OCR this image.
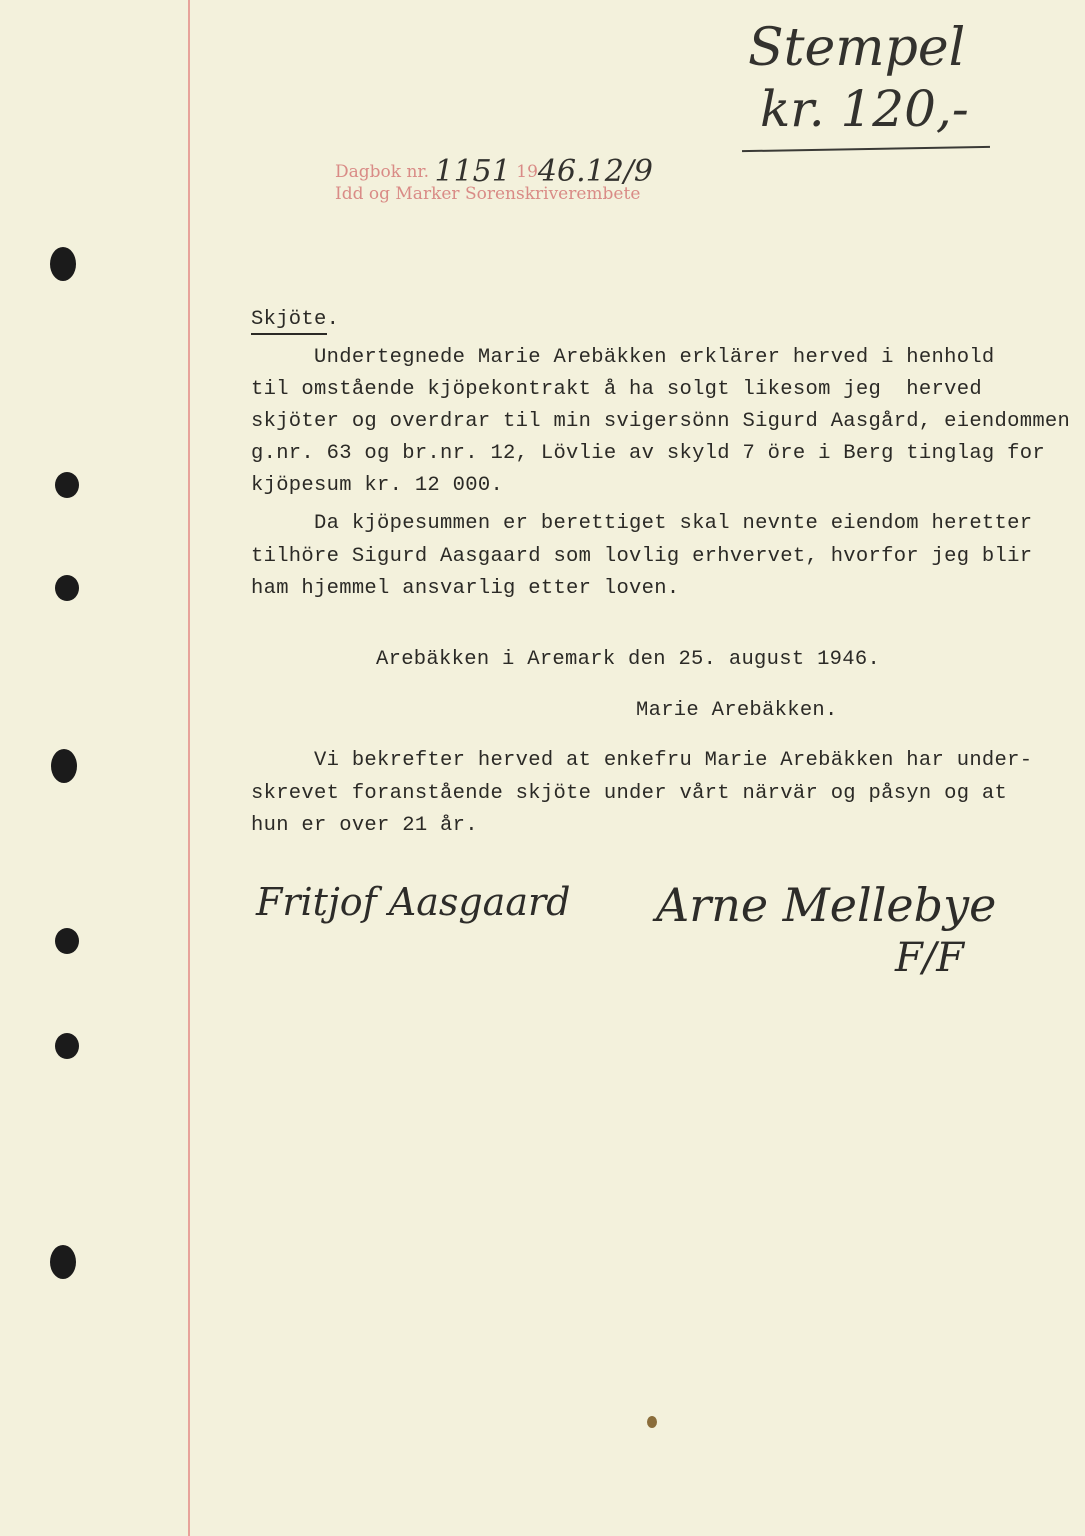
Stempel
kr. 120,-
Dagbok nr. 1151 1946.12/9
Idd og Marker Sorenskriverembete
Skjöte.
Undertegnede Marie Arebäkken erklärer herved i henhold
til omstående kjöpekontrakt å ha solgt likesom jeg  herved
skjöter og overdrar til min svigersönn Sigurd Aasgård, eiendommen
g.nr. 63 og br.nr. 12, Lövlie av skyld 7 öre i Berg tinglag for
kjöpesum kr. 12 000.
Da kjöpesummen er berettiget skal nevnte eiendom heretter
tilhöre Sigurd Aasgaard som lovlig erhvervet, hvorfor jeg blir
ham hjemmel ansvarlig etter loven.
Arebäkken i Aremark den 25. august 1946.
Marie Arebäkken.
Vi bekrefter herved at enkefru Marie Arebäkken har under-
skrevet foranstående skjöte under vårt närvär og påsyn og at
hun er over 21 år.
Fritjof Aasgaard Arne Mellebye
F/F
